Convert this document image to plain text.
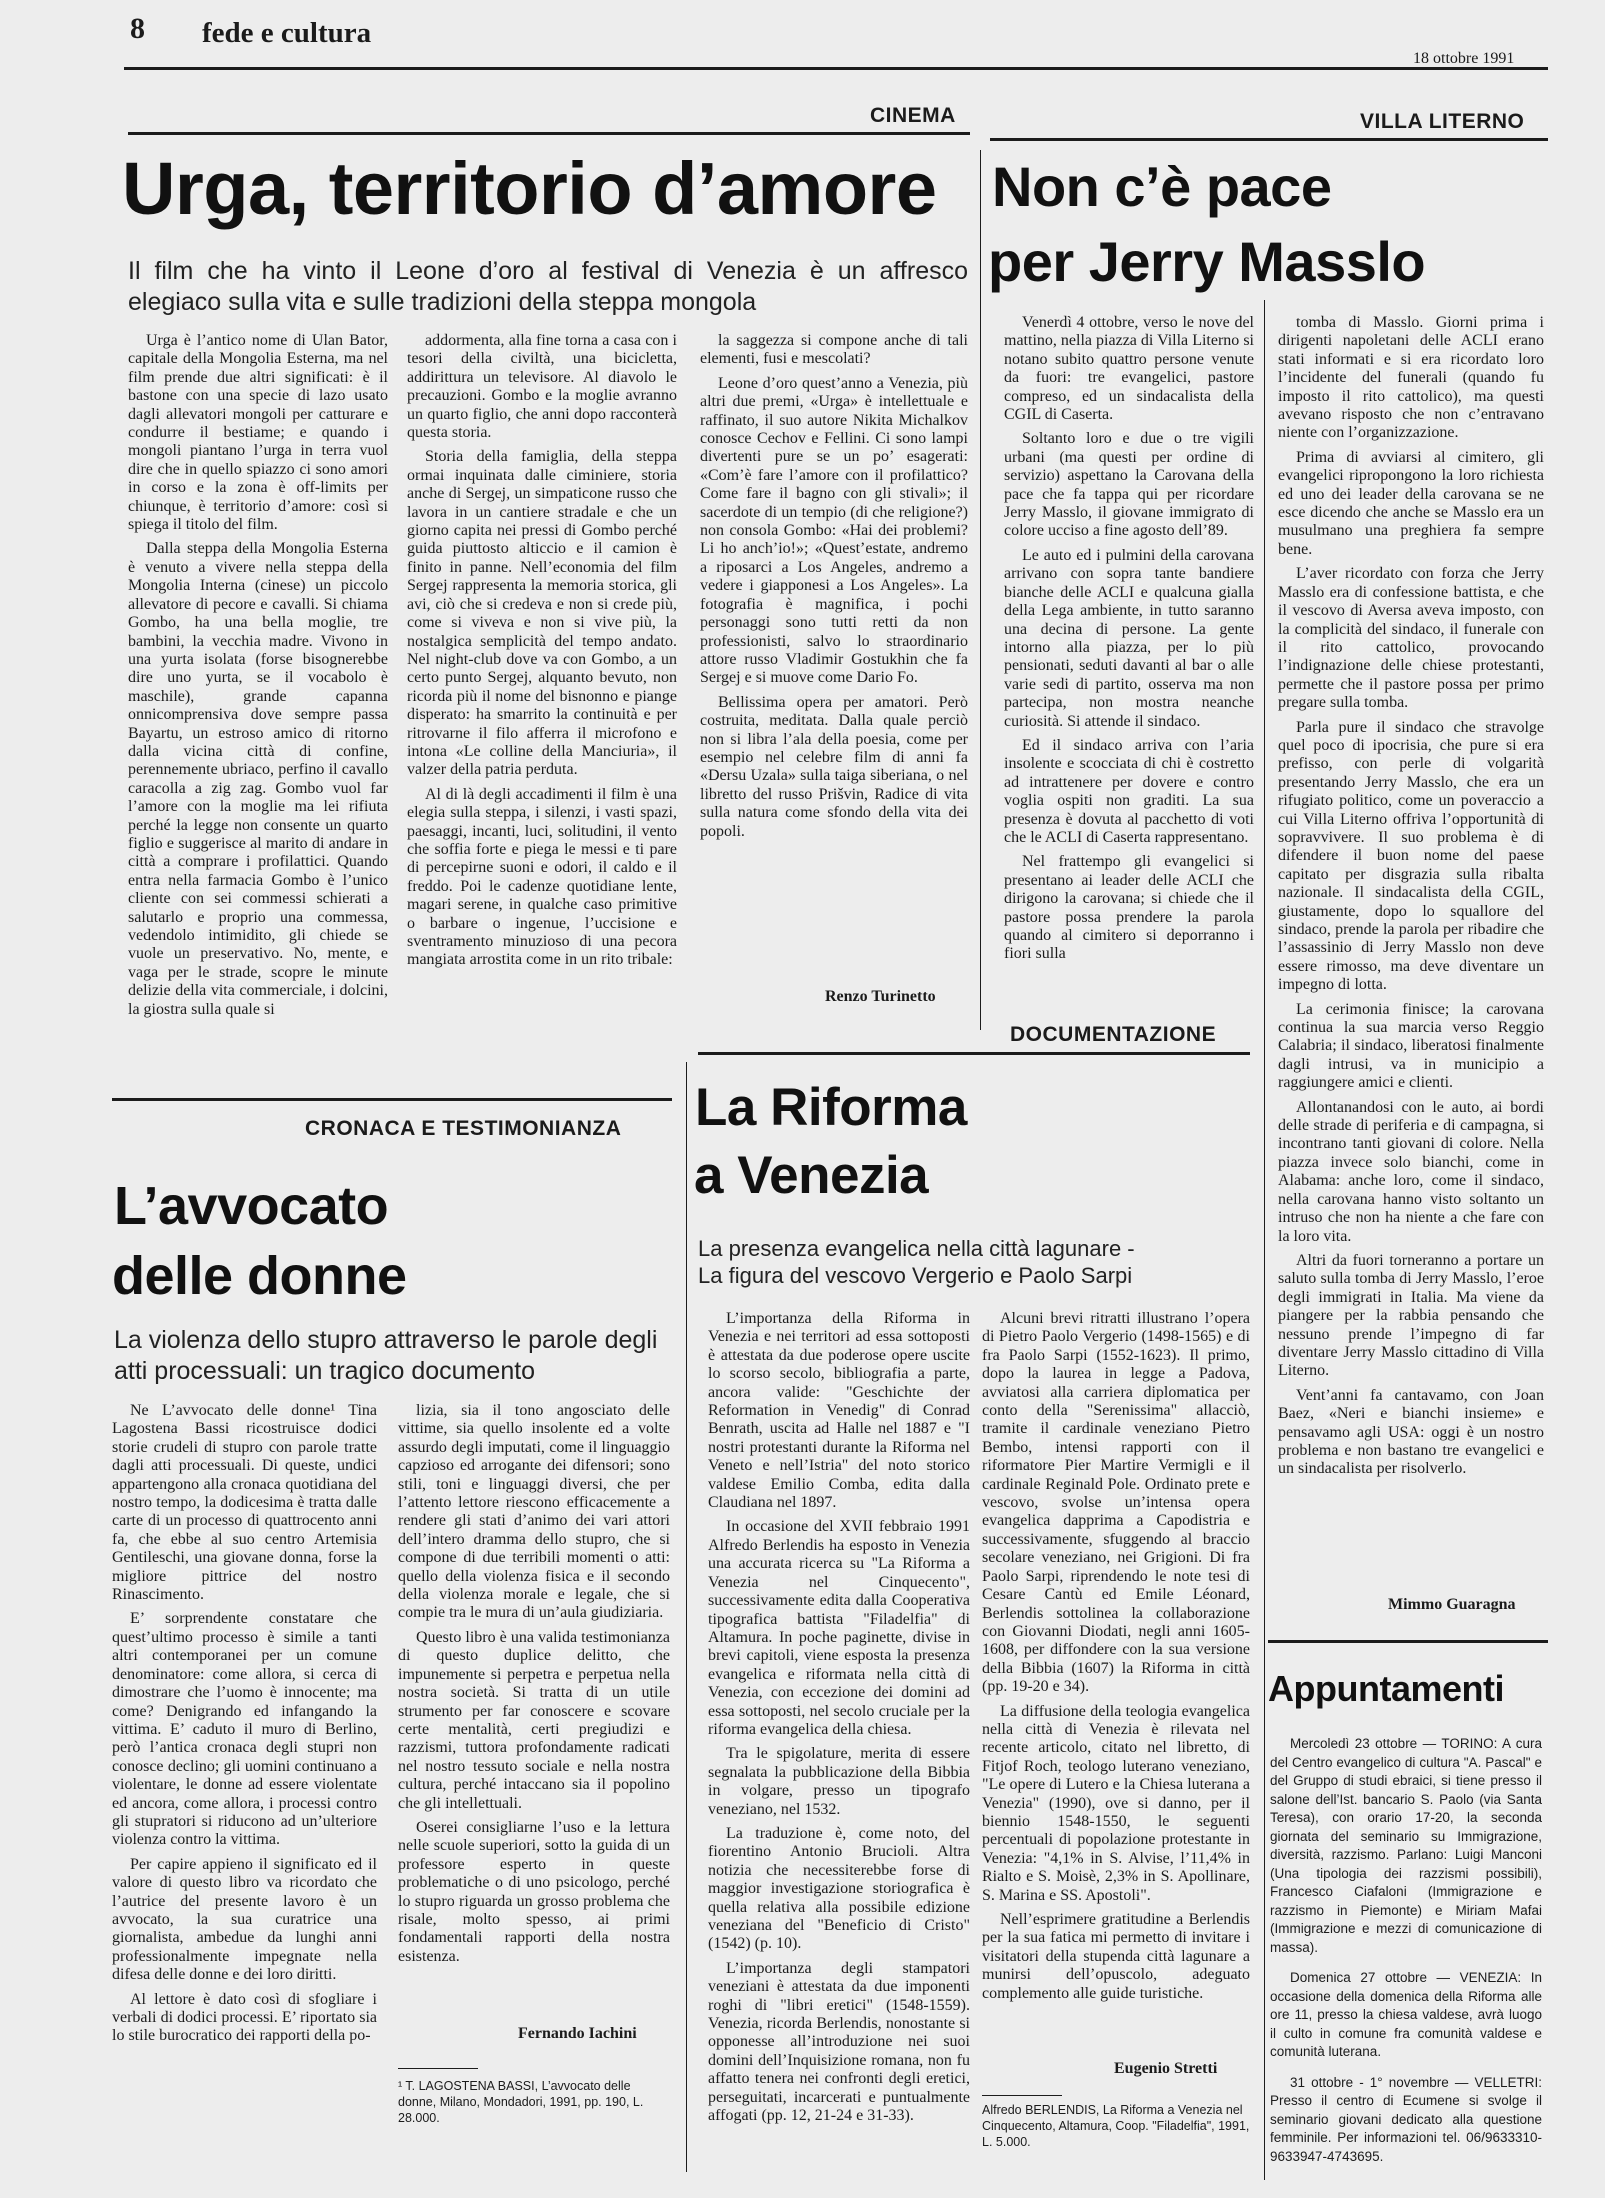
8 fede e cultura
18 ottobre 1991
CINEMA
Urga, territorio d’amore
Il film che ha vinto il Leone d’oro al festival di Venezia è un affresco elegiaco sulla vita e sulle tradizioni della steppa mongola

Urga è l’antico nome di Ulan Bator, capitale della Mongolia Esterna, ma nel film prende due altri significati: è il bastone con una specie di lazo usato dagli allevatori mongoli per catturare e condurre il bestiame; e quando i mongoli piantano l’urga in terra vuol dire che in quello spiazzo ci sono amori in corso e la zona è off-limits per chiunque, è territorio d’amore: così si spiega il titolo del film.

Dalla steppa della Mongolia Esterna è venuto a vivere nella steppa della Mongolia Interna (cinese) un piccolo allevatore di pecore e cavalli. Si chiama Gombo, ha una bella moglie, tre bambini, la vecchia madre. Vivono in una yurta isolata (forse bisognerebbe dire uno yurta, se il vocabolo è maschile), grande capanna onnicomprensiva dove sempre passa Bayartu, un estroso amico di ritorno dalla vicina città di confine, perennemente ubriaco, perfino il cavallo caracolla a zig zag. Gombo vuol far l’amore con la moglie ma lei rifiuta perché la legge non consente un quarto figlio e suggerisce al marito di andare in città a comprare i profilattici. Quando entra nella farmacia Gombo è l’unico cliente con sei commessi schierati a salutarlo e proprio una commessa, vedendolo intimidito, gli chiede se vuole un preservativo. No, mente, e vaga per le strade, scopre le minute delizie della vita commerciale, i dolcini, la giostra sulla quale si

addormenta, alla fine torna a casa con i tesori della civiltà, una bicicletta, addirittura un televisore. Al diavolo le precauzioni. Gombo e la moglie avranno un quarto figlio, che anni dopo racconterà questa storia.

Storia della famiglia, della steppa ormai inquinata dalle ciminiere, storia anche di Sergej, un simpaticone russo che lavora in un cantiere stradale e che un giorno capita nei pressi di Gombo perché guida piuttosto alticcio e il camion è finito in panne. Nell’economia del film Sergej rappresenta la memoria storica, gli avi, ciò che si credeva e non si crede più, come si viveva e non si vive più, la nostalgica semplicità del tempo andato. Nel night-club dove va con Gombo, a un certo punto Sergej, alquanto bevuto, non ricorda più il nome del bisnonno e piange disperato: ha smarrito la continuità e per ritrovarne il filo afferra il microfono e intona «Le colline della Manciuria», il valzer della patria perduta.

Al di là degli accadimenti il film è una elegia sulla steppa, i silenzi, i vasti spazi, paesaggi, incanti, luci, solitudini, il vento che soffia forte e piega le messi e ti pare di percepirne suoni e odori, il caldo e il freddo. Poi le cadenze quotidiane lente, magari serene, in qualche caso primitive o barbare o ingenue, l’uccisione e sventramento minuzioso di una pecora mangiata arrostita come in un rito tribale:

la saggezza si compone anche di tali elementi, fusi e mescolati?

Leone d’oro quest’anno a Venezia, più altri due premi, «Urga» è intellettuale e raffinato, il suo autore Nikita Michalkov conosce Cechov e Fellini. Ci sono lampi divertenti pure se un po’ esagerati: «Com’è fare l’amore con il profilattico? Come fare il bagno con gli stivali»; il sacerdote di un tempio (di che religione?) non consola Gombo: «Hai dei problemi? Li ho anch’io!»; «Quest’estate, andremo a riposarci a Los Angeles, andremo a vedere i giapponesi a Los Angeles». La fotografia è magnifica, i pochi personaggi sono tutti retti da non professionisti, salvo lo straordinario attore russo Vladimir Gostukhin che fa Sergej e si muove come Dario Fo.

Bellissima opera per amatori. Però costruita, meditata. Dalla quale perciò non si libra l’ala della poesia, come per esempio nel celebre film di anni fa «Dersu Uzala» sulla taiga siberiana, o nel libretto del russo Prišvin, Radice di vita sulla natura come sfondo della vita dei popoli.

Renzo Turinetto
VILLA LITERNO
Non c’è pace
per Jerry Masslo

Venerdì 4 ottobre, verso le nove del mattino, nella piazza di Villa Literno si notano subito quattro persone venute da fuori: tre evangelici, pastore compreso, ed un sindacalista della CGIL di Caserta.

Soltanto loro e due o tre vigili urbani (ma questi per ordine di servizio) aspettano la Carovana della pace che fa tappa qui per ricordare Jerry Masslo, il giovane immigrato di colore ucciso a fine agosto dell’89.

Le auto ed i pulmini della carovana arrivano con sopra tante bandiere bianche delle ACLI e qualcuna gialla della Lega ambiente, in tutto saranno una decina di persone. La gente intorno alla piazza, per lo più pensionati, seduti davanti al bar o alle varie sedi di partito, osserva ma non partecipa, non mostra neanche curiosità. Si attende il sindaco.

Ed il sindaco arriva con l’aria insolente e scocciata di chi è costretto ad intrattenere per dovere e contro voglia ospiti non graditi. La sua presenza è dovuta al pacchetto di voti che le ACLI di Caserta rappresentano.

Nel frattempo gli evangelici si presentano ai leader delle ACLI che dirigono la carovana; si chiede che il pastore possa prendere la parola quando al cimitero si deporranno i fiori sulla

tomba di Masslo. Giorni prima i dirigenti napoletani delle ACLI erano stati informati e si era ricordato loro l’incidente del funerali (quando fu imposto il rito cattolico), ma questi avevano risposto che non c’entravano niente con l’organizzazione.

Prima di avviarsi al cimitero, gli evangelici ripropongono la loro richiesta ed uno dei leader della carovana se ne esce dicendo che anche se Masslo era un musulmano una preghiera fa sempre bene.

L’aver ricordato con forza che Jerry Masslo era di confessione battista, e che il vescovo di Aversa aveva imposto, con la complicità del sindaco, il funerale con il rito cattolico, provocando l’indignazione delle chiese protestanti, permette che il pastore possa per primo pregare sulla tomba.

Parla pure il sindaco che stravolge quel poco di ipocrisia, che pure si era prefisso, con perle di volgarità presentando Jerry Masslo, che era un rifugiato politico, come un poveraccio a cui Villa Literno offriva l’opportunità di sopravvivere. Il suo problema è di difendere il buon nome del paese capitato per disgrazia sulla ribalta nazionale. Il sindacalista della CGIL, giustamente, dopo lo squallore del sindaco, prende la parola per ribadire che l’assassinio di Jerry Masslo non deve essere rimosso, ma deve diventare un impegno di lotta.

La cerimonia finisce; la carovana continua la sua marcia verso Reggio Calabria; il sindaco, liberatosi finalmente dagli intrusi, va in municipio a raggiungere amici e clienti.

Allontanandosi con le auto, ai bordi delle strade di periferia e di campagna, si incontrano tanti giovani di colore. Nella piazza invece solo bianchi, come in Alabama: anche loro, come il sindaco, nella carovana hanno visto soltanto un intruso che non ha niente a che fare con la loro vita.

Altri da fuori torneranno a portare un saluto sulla tomba di Jerry Masslo, l’eroe degli immigrati in Italia. Ma viene da piangere per la rabbia pensando che nessuno prende l’impegno di far diventare Jerry Masslo cittadino di Villa Literno.

Vent’anni fa cantavamo, con Joan Baez, «Neri e bianchi insieme» e pensavamo agli USA: oggi è un nostro problema e non bastano tre evangelici e un sindacalista per risolverlo.

Mimmo Guaragna
CRONACA E TESTIMONIANZA
L’avvocato
delle donne
La violenza dello stupro attraverso le parole degli atti processuali: un tragico documento

Ne L’avvocato delle donne¹ Tina Lagostena Bassi ricostruisce dodici storie crudeli di stupro con parole tratte dagli atti processuali. Di queste, undici appartengono alla cronaca quotidiana del nostro tempo, la dodicesima è tratta dalle carte di un processo di quattrocento anni fa, che ebbe al suo centro Artemisia Gentileschi, una giovane donna, forse la migliore pittrice del nostro Rinascimento.

E’ sorprendente constatare che quest’ultimo processo è simile a tanti altri contemporanei per un comune denominatore: come allora, si cerca di dimostrare che l’uomo è innocente; ma come? Denigrando ed infangando la vittima. E’ caduto il muro di Berlino, però l’antica cronaca degli stupri non conosce declino; gli uomini continuano a violentare, le donne ad essere violentate ed ancora, come allora, i processi contro gli stupratori si riducono ad un’ulteriore violenza contro la vittima.

Per capire appieno il significato ed il valore di questo libro va ricordato che l’autrice del presente lavoro è un avvocato, la sua curatrice una giornalista, ambedue da lunghi anni professionalmente impegnate nella difesa delle donne e dei loro diritti.

Al lettore è dato così di sfogliare i verbali di dodici processi. E’ riportato sia lo stile burocratico dei rapporti della po-

lizia, sia il tono angosciato delle vittime, sia quello insolente ed a volte assurdo degli imputati, come il linguaggio capzioso ed arrogante dei difensori; sono stili, toni e linguaggi diversi, che per l’attento lettore riescono efficacemente a rendere gli stati d’animo dei vari attori dell’intero dramma dello stupro, che si compone di due terribili momenti o atti: quello della violenza fisica e il secondo della violenza morale e legale, che si compie tra le mura di un’aula giudiziaria.

Questo libro è una valida testimonianza di questo duplice delitto, che impunemente si perpetra e perpetua nella nostra società. Si tratta di un utile strumento per far conoscere e scovare certe mentalità, certi pregiudizi e razzismi, tuttora profondamente radicati nel nostro tessuto sociale e nella nostra cultura, perché intaccano sia il popolino che gli intellettuali.

Oserei consigliarne l’uso e la lettura nelle scuole superiori, sotto la guida di un professore esperto in queste problematiche o di uno psicologo, perché lo stupro riguarda un grosso problema che risale, molto spesso, ai primi fondamentali rapporti della nostra esistenza.

Fernando Iachini
¹ T. LAGOSTENA BASSI, L’avvocato delle donne, Milano, Mondadori, 1991, pp. 190, L. 28.000.
DOCUMENTAZIONE
La Riforma
a Venezia
La presenza evangelica nella città lagunare -
La figura del vescovo Vergerio e Paolo Sarpi

L’importanza della Riforma in Venezia e nei territori ad essa sottoposti è attestata da due poderose opere uscite lo scorso secolo, bibliografia a parte, ancora valide: "Geschichte der Reformation in Venedig" di Conrad Benrath, uscita ad Halle nel 1887 e "I nostri protestanti durante la Riforma nel Veneto e nell’Istria" del noto storico valdese Emilio Comba, edita dalla Claudiana nel 1897.

In occasione del XVII febbraio 1991 Alfredo Berlendis ha esposto in Venezia una accurata ricerca su "La Riforma a Venezia nel Cinquecento", successivamente edita dalla Cooperativa tipografica battista "Filadelfia" di Altamura. In poche paginette, divise in brevi capitoli, viene esposta la presenza evangelica e riformata nella città di Venezia, con eccezione dei domini ad essa sottoposti, nel secolo cruciale per la riforma evangelica della chiesa.

Tra le spigolature, merita di essere segnalata la pubblicazione della Bibbia in volgare, presso un tipografo veneziano, nel 1532.

La traduzione è, come noto, del fiorentino Antonio Brucioli. Altra notizia che necessiterebbe forse di maggior investigazione storiografica è quella relativa alla possibile edizione veneziana del "Beneficio di Cristo" (1542) (p. 10).

L’importanza degli stampatori veneziani è attestata da due imponenti roghi di "libri eretici" (1548-1559). Venezia, ricorda Berlendis, nonostante si opponesse all’introduzione nei suoi domini dell’Inquisizione romana, non fu affatto tenera nei confronti degli eretici, perseguitati, incarcerati e puntualmente affogati (pp. 12, 21-24 e 31-33).

Alcuni brevi ritratti illustrano l’opera di Pietro Paolo Vergerio (1498-1565) e di fra Paolo Sarpi (1552-1623). Il primo, dopo la laurea in legge a Padova, avviatosi alla carriera diplomatica per conto della "Serenissima" allacciò, tramite il cardinale veneziano Pietro Bembo, intensi rapporti con il riformatore Pier Martire Vermigli e il cardinale Reginald Pole. Ordinato prete e vescovo, svolse un’intensa opera evangelica dapprima a Capodistria e successivamente, sfuggendo al braccio secolare veneziano, nei Grigioni. Di fra Paolo Sarpi, riprendendo le note tesi di Cesare Cantù ed Emile Léonard, Berlendis sottolinea la collaborazione con Giovanni Diodati, negli anni 1605-1608, per diffondere con la sua versione della Bibbia (1607) la Riforma in città (pp. 19-20 e 34).

La diffusione della teologia evangelica nella città di Venezia è rilevata nel recente articolo, citato nel libretto, di Fitjof Roch, teologo luterano veneziano, "Le opere di Lutero e la Chiesa luterana a Venezia" (1990), ove si danno, per il biennio 1548-1550, le seguenti percentuali di popolazione protestante in Venezia: "4,1% in S. Alvise, l’11,4% in Rialto e S. Moisè, 2,3% in S. Apollinare, S. Marina e SS. Apostoli".

Nell’esprimere gratitudine a Berlendis per la sua fatica mi permetto di invitare i visitatori della stupenda città lagunare a munirsi dell’opuscolo, adeguato complemento alle guide turistiche.

Eugenio Stretti
Alfredo BERLENDIS, La Riforma a Venezia nel Cinquecento, Altamura, Coop. "Filadelfia", 1991, L. 5.000.
Appuntamenti

Mercoledì 23 ottobre — TORINO: A cura del Centro evangelico di cultura "A. Pascal" e del Gruppo di studi ebraici, si tiene presso il salone dell’Ist. bancario S. Paolo (via Santa Teresa), con orario 17-20, la seconda giornata del seminario su Immigrazione, diversità, razzismo. Parlano: Luigi Manconi (Una tipologia dei razzismi possibili), Francesco Ciafaloni (Immigrazione e razzismo in Piemonte) e Miriam Mafai (Immigrazione e mezzi di comunicazione di massa).

Domenica 27 ottobre — VENEZIA: In occasione della domenica della Riforma alle ore 11, presso la chiesa valdese, avrà luogo il culto in comune fra comunità valdese e comunità luterana.

31 ottobre - 1° novembre — VELLETRI: Presso il centro di Ecumene si svolge il seminario giovani dedicato alla questione femminile. Per informazioni tel. 06/9633310-9633947-4743695.
